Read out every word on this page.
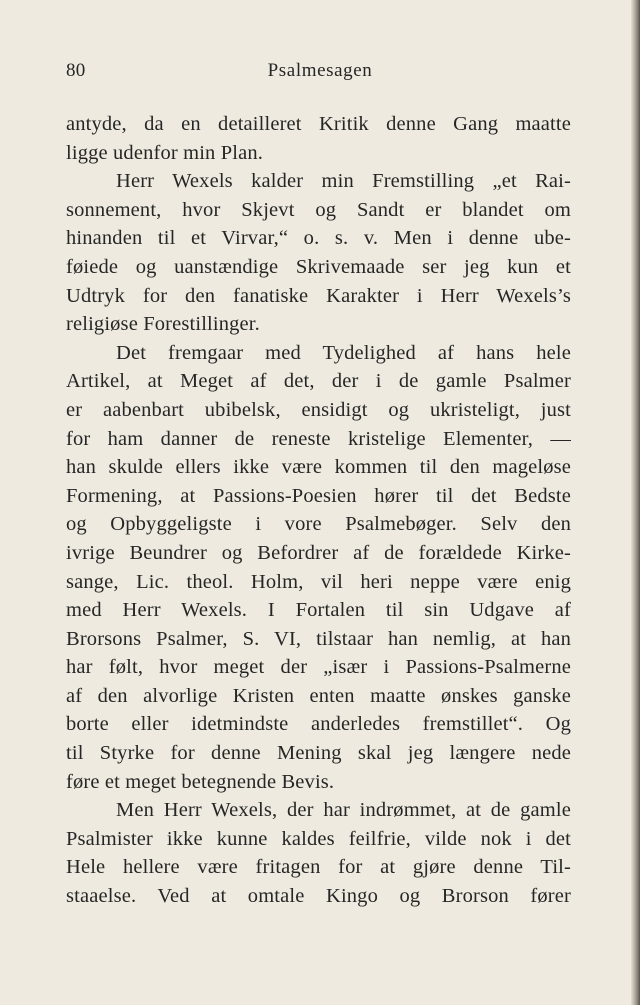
80	Psalmesagen
antyde, da en detailleret Kritik denne Gang maatte
ligge udenfor min Plan.
Herr Wexels kalder min Fremstilling „et Rai-
sonnement, hvor Skjevt og Sandt er blandet om
hinanden til et Virvar,“ o. s. v. Men i denne ube-
føiede og uanstændige Skrivemaade ser jeg kun et
Udtryk for den fanatiske Karakter i Herr Wexels’s
religiøse Forestillinger.
Det fremgaar med Tydelighed af hans hele
Artikel, at Meget af det, der i de gamle Psalmer
er aabenbart ubibelsk, ensidigt og ukristeligt, just
for ham danner de reneste kristelige Elementer, —
han skulde ellers ikke være kommen til den mageløse
Formening, at Passions-Poesien hører til det Bedste
og Opbyggeligste i vore Psalmebøger. Selv den
ivrige Beundrer og Befordrer af de forældede Kirke-
sange, Lic. theol. Holm, vil heri neppe være enig
med Herr Wexels. I Fortalen til sin Udgave af
Brorsons Psalmer, S. VI, tilstaar han nemlig, at han
har følt, hvor meget der „især i Passions-Psalmerne
af den alvorlige Kristen enten maatte ønskes ganske
borte eller idetmindste anderledes fremstillet“. Og
til Styrke for denne Mening skal jeg længere nede
føre et meget betegnende Bevis.
Men Herr Wexels, der har indrømmet, at de gamle
Psalmister ikke kunne kaldes feilfrie, vilde nok i det
Hele hellere være fritagen for at gjøre denne Til-
staaelse. Ved at omtale Kingo og Brorson fører
